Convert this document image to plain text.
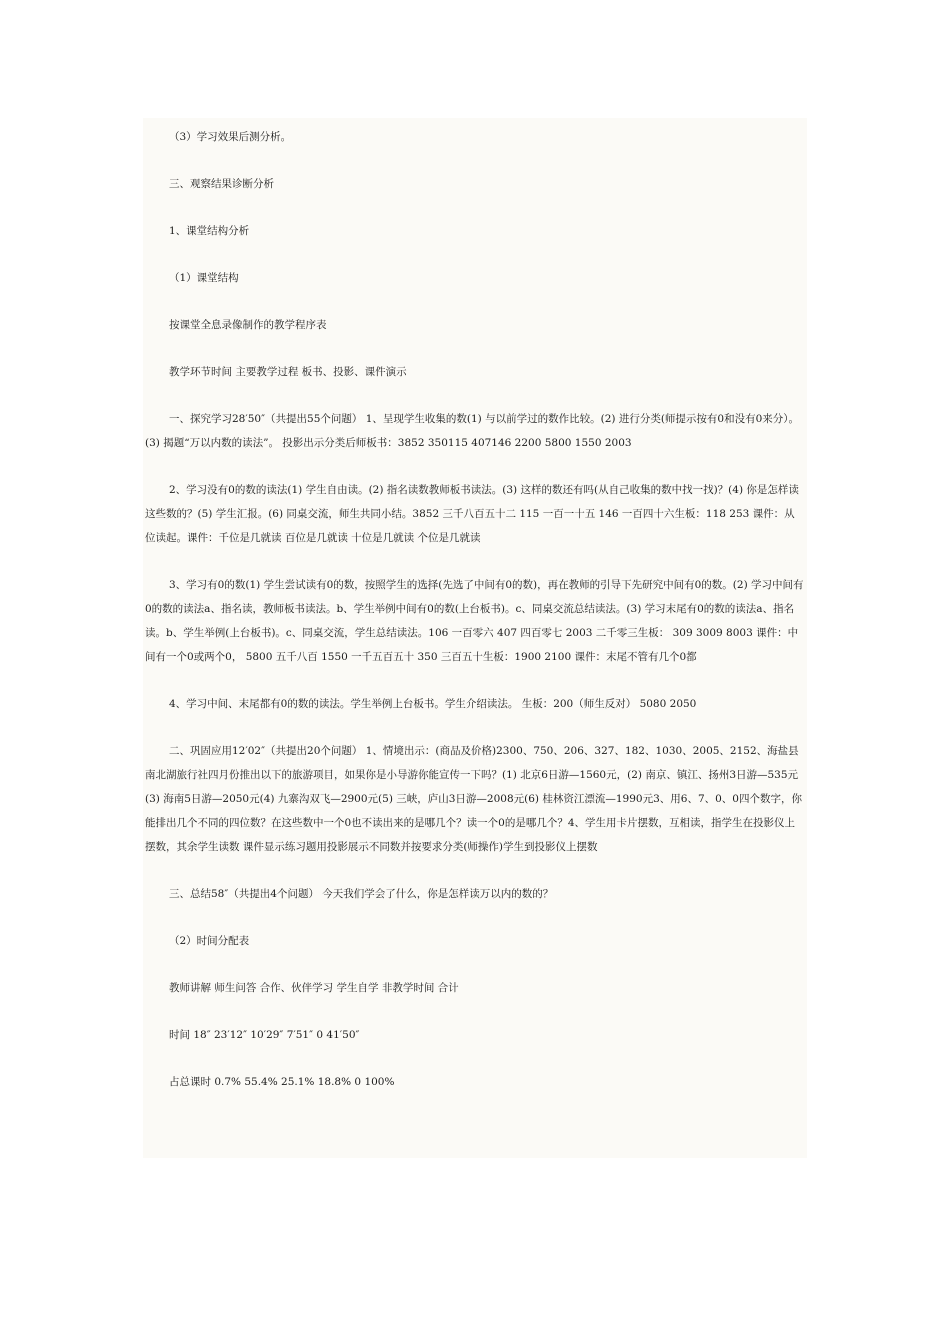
（3）学习效果后测分析。

三、观察结果诊断分析

1、课堂结构分析

（1）课堂结构

按课堂全息录像制作的教学程序表

教学环节时间 主要教学过程 板书、投影、课件演示

一、探究学习28′50″（共提出55个问题） 1、呈现学生收集的数(1) 与以前学过的数作比较。(2) 进行分类(师提示按有0和没有0来分）。(3) 揭题“万以内数的读法”。 投影出示分类后师板书：3852 350115 407146 2200 5800 1550 2003

2、学习没有0的数的读法(1) 学生自由读。(2) 指名读数教师板书读法。(3) 这样的数还有吗(从自己收集的数中找一找)？(4) 你是怎样读这些数的？(5) 学生汇报。(6) 同桌交流，师生共同小结。3852 三千八百五十二 115 一百一十五 146 一百四十六生板：118 253 课件：从 位读起。课件：千位是几就读 百位是几就读 十位是几就读 个位是几就读

3、学习有0的数(1) 学生尝试读有0的数，按照学生的选择(先选了中间有0的数)，再在教师的引导下先研究中间有0的数。(2) 学习中间有0的数的读法a、指名读，教师板书读法。b、学生举例中间有0的数(上台板书)。c、同桌交流总结读法。(3) 学习末尾有0的数的读法a、指名读。b、学生举例(上台板书)。c、同桌交流，学生总结读法。106 一百零六 407 四百零七 2003 二千零三生板： 309 3009 8003 课件：中间有一个0或两个0， 5800 五千八百 1550 一千五百五十 350 三百五十生板：1900 2100 课件：末尾不管有几个0都

4、学习中间、末尾都有0的数的读法。学生举例上台板书。学生介绍读法。 生板：200（师生反对） 5080 2050

二、巩固应用12′02″（共提出20个问题） 1、情境出示：(商品及价格)2300、750、206、327、182、1030、2005、2152、海盐县南北湖旅行社四月份推出以下的旅游项目，如果你是小导游你能宣传一下吗？(1) 北京6日游—1560元，(2) 南京、镇江、扬州3日游—535元(3) 海南5日游—2050元(4) 九寨沟双飞—2900元(5) 三峡，庐山3日游—2008元(6) 桂林资江漂流—1990元3、用6、7、0、0四个数字，你能排出几个不同的四位数？在这些数中一个0也不读出来的是哪几个？读一个0的是哪几个？4、学生用卡片摆数，互相读，指学生在投影仪上摆数，其余学生读数 课件显示练习题用投影展示不同数并按要求分类(师操作)学生到投影仪上摆数

三、总结58″（共提出4个问题） 今天我们学会了什么，你是怎样读万以内的数的？

（2）时间分配表

教师讲解 师生问答 合作、伙伴学习 学生自学 非教学时间 合计

时间 18″ 23′12″ 10′29″ 7′51″ 0 41′50″

占总课时 0.7% 55.4% 25.1% 18.8% 0 100%
